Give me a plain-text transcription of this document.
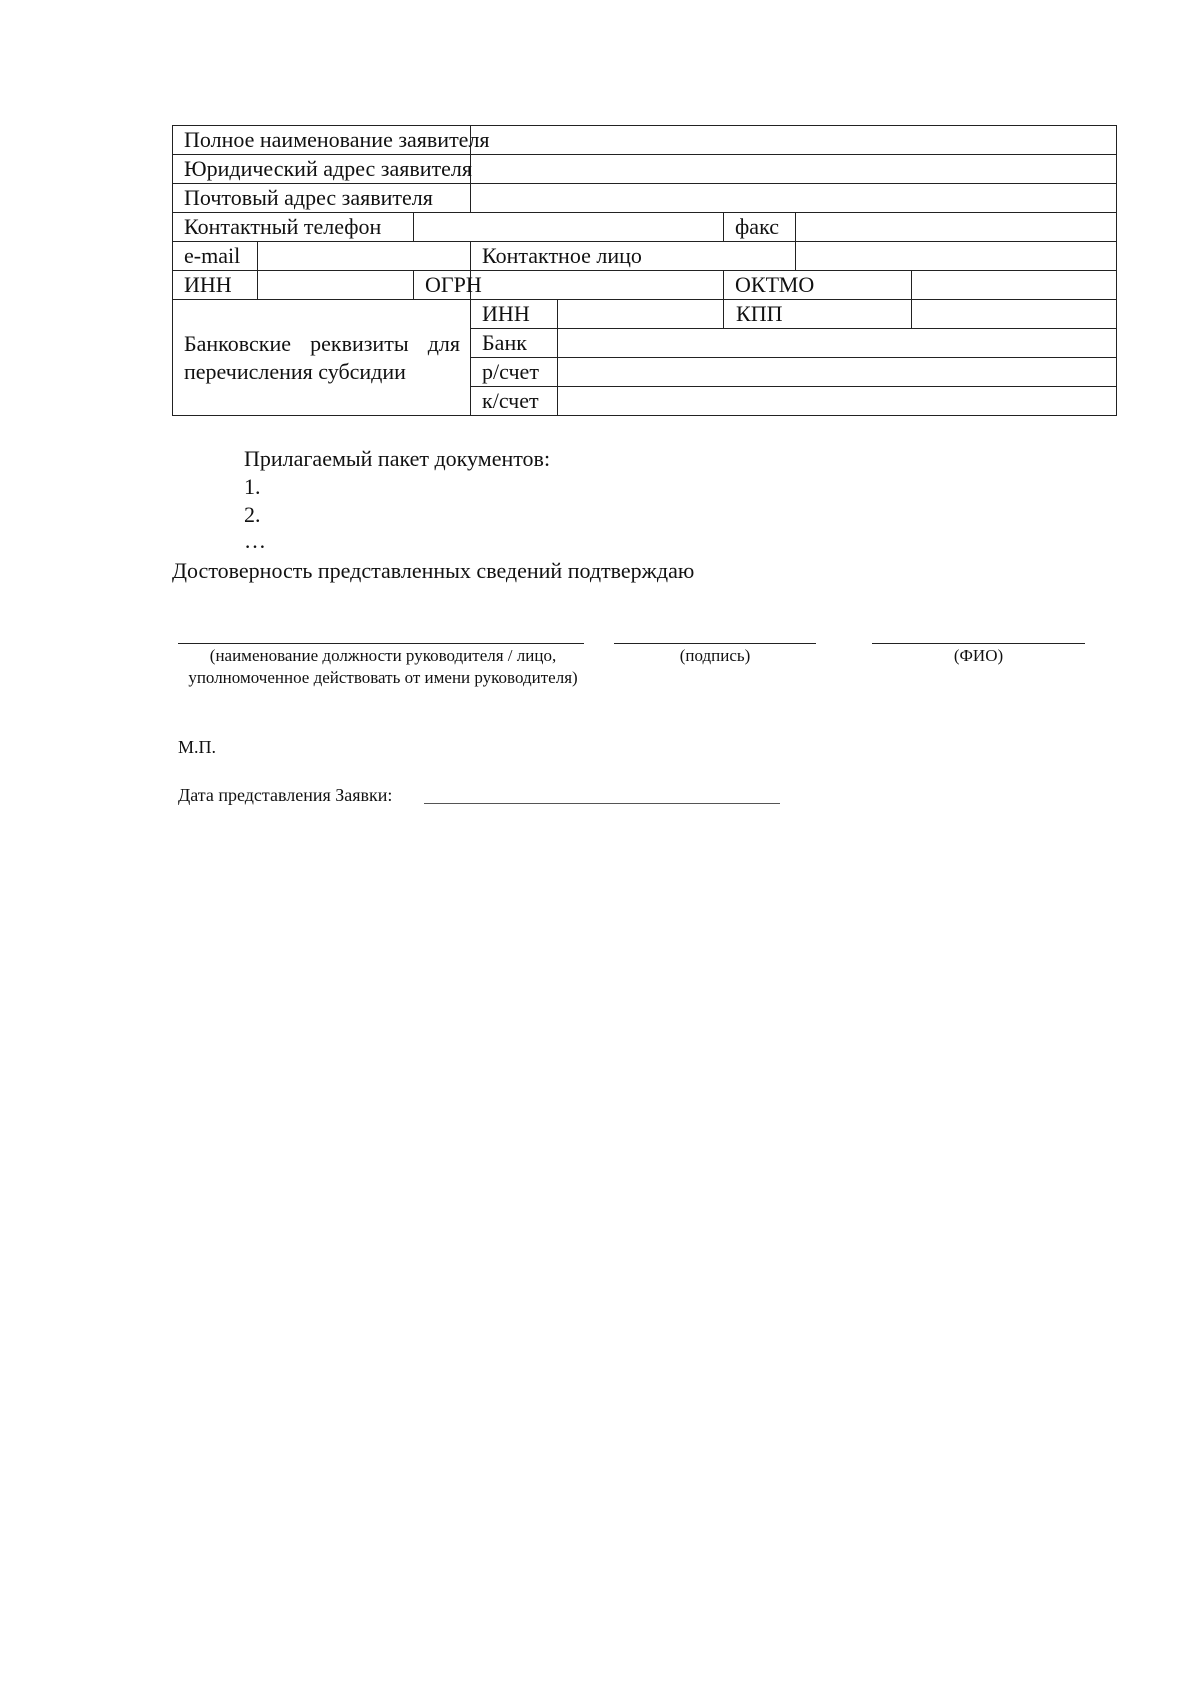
Полное наименование заявителя							
Юридический адрес заявителя							
Почтовый адрес заявителя							
Контактный телефон					факс		
e-mail			Контактное лицо				
ИНН		ОГРН			ОКТМО		

Банковские реквизиты для
перечисления субсидии			ИНН		КПП		
			Банк				
			р/счет				
			к/счет				
Прилагаемый пакет документов:
1.
2.
…
Достоверность представленных сведений подтверждаю
(наименование должности руководителя / лицо, уполномоченное действовать от имени руководителя)
(подпись)	(ФИО)
М.П.
Дата представления Заявки:
